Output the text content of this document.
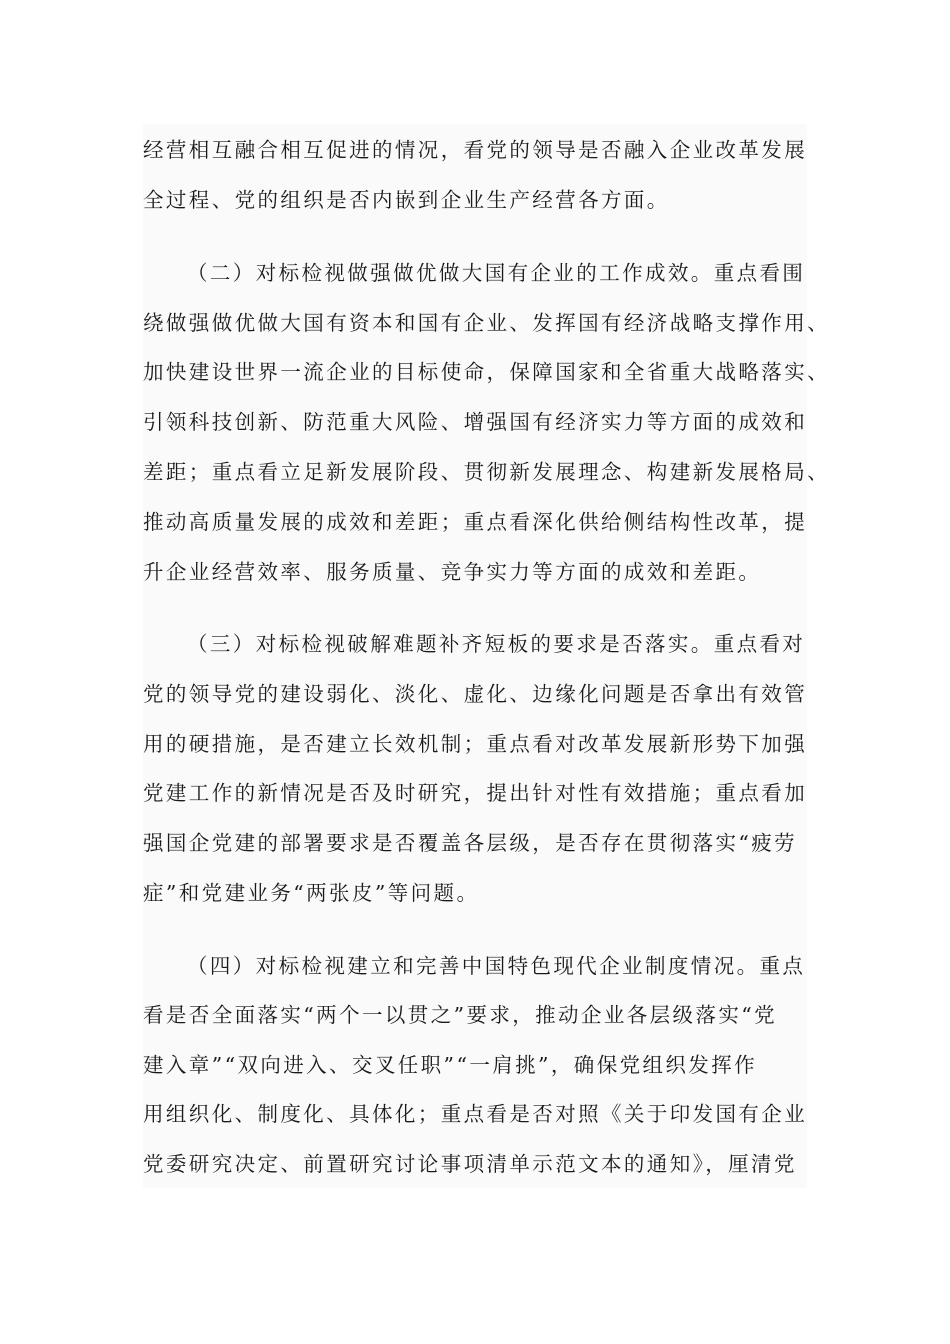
经营相互融合相互促进的情况，看党的领导是否融入企业改革发展
全过程、党的组织是否内嵌到企业生产经营各方面。
（二）对标检视做强做优做大国有企业的工作成效。重点看围
绕做强做优做大国有资本和国有企业、发挥国有经济战略支撑作用、
加快建设世界一流企业的目标使命，保障国家和全省重大战略落实、
引领科技创新、防范重大风险、增强国有经济实力等方面的成效和
差距；重点看立足新发展阶段、贯彻新发展理念、构建新发展格局、
推动高质量发展的成效和差距；重点看深化供给侧结构性改革，提
升企业经营效率、服务质量、竞争实力等方面的成效和差距。
（三）对标检视破解难题补齐短板的要求是否落实。重点看对
党的领导党的建设弱化、淡化、虚化、边缘化问题是否拿出有效管
用的硬措施，是否建立长效机制；重点看对改革发展新形势下加强
党建工作的新情况是否及时研究，提出针对性有效措施；重点看加
强国企党建的部署要求是否覆盖各层级，是否存在贯彻落实“疲劳
症”和党建业务“两张皮”等问题。
（四）对标检视建立和完善中国特色现代企业制度情况。重点
看是否全面落实“两个一以贯之”要求，推动企业各层级落实“党
建入章”“双向进入、交叉任职”“一肩挑”，确保党组织发挥作
用组织化、制度化、具体化；重点看是否对照《关于印发国有企业
党委研究决定、前置研究讨论事项清单示范文本的通知》，厘清党
